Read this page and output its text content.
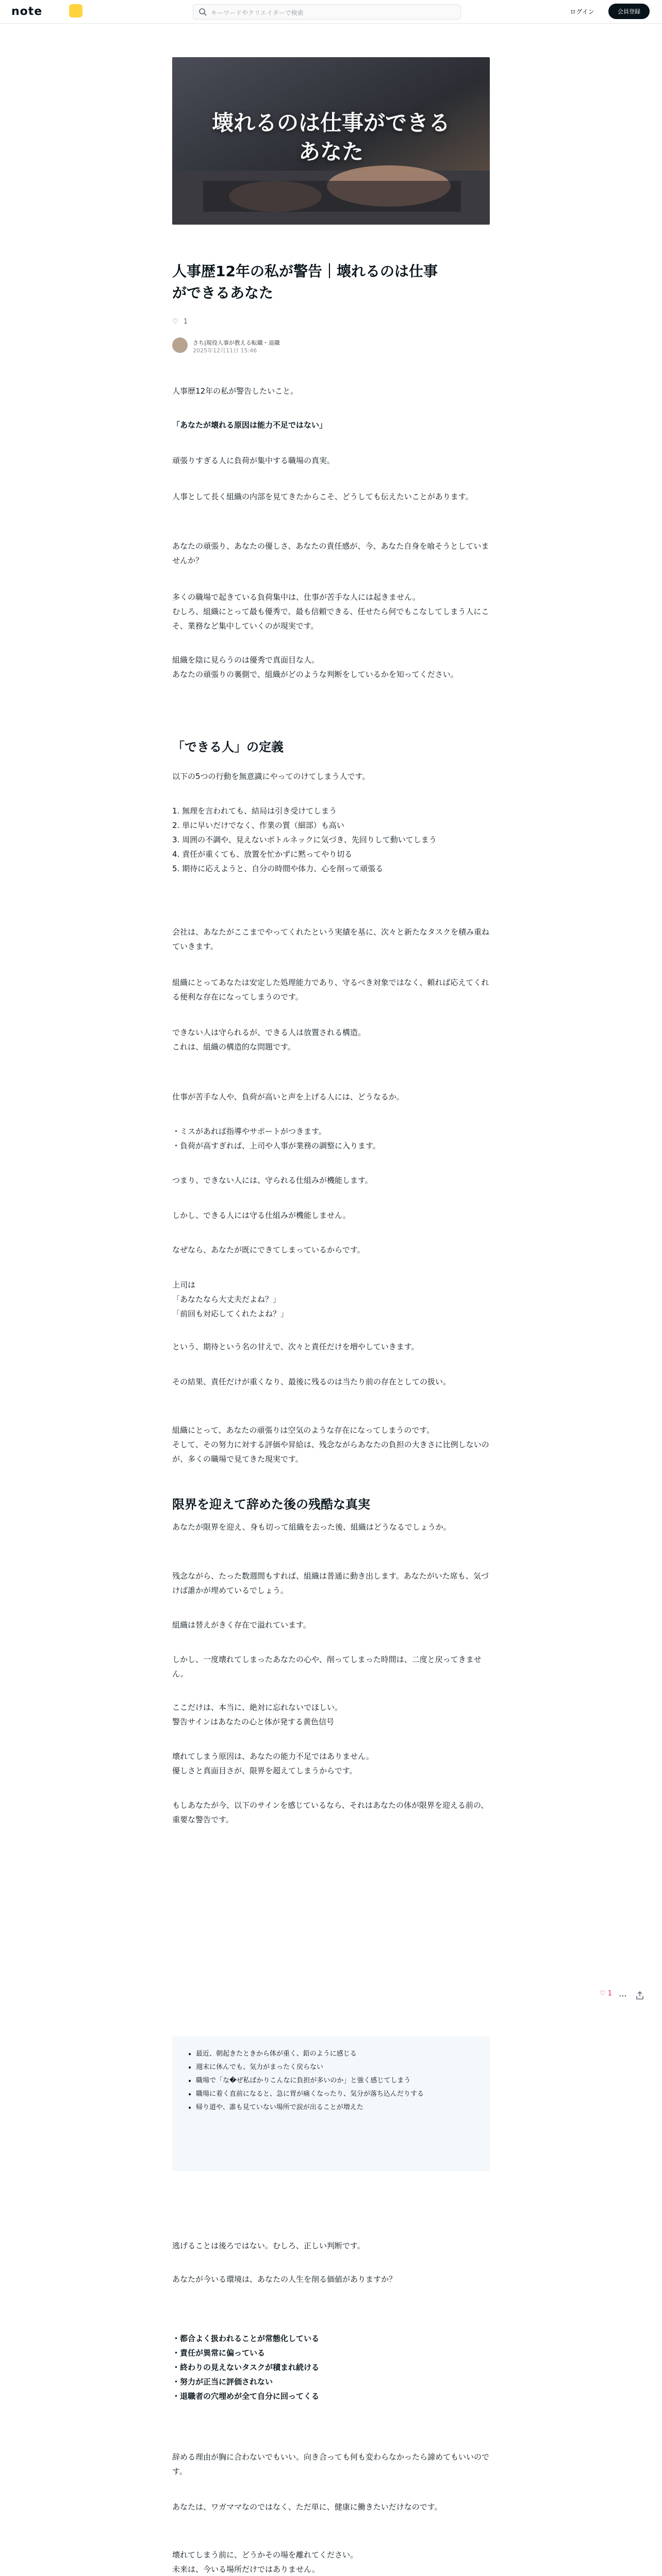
note	キーワードやクリエイターで検索	ログイン	会員登録
壊れるのは仕事ができる
あなた
人事歴12年の私が警告｜壊れるのは仕事
ができるあなた
♡ 1
さち|現役人事が教える転職・退職
2025年12月11日 15:46
人事歴12年の私が警告したいこと。
「あなたが壊れる原因は能力不足ではない」
頑張りすぎる人に負荷が集中する職場の真実。
人事として長く組織の内部を見てきたからこそ、どうしても伝えたいことがあります。
あなたの頑張り、あなたの優しさ、あなたの責任感が、今、あなた自身を喰そうとしていませんか？
多くの職場で起きている負荷集中は、仕事が苦手な人には起きません。
むしろ、組織にとって最も優秀で、最も信頼できる、任せたら何でもこなしてしまう人にこそ、業務など集中していくのが現実です。
組織を陰に見らうのは優秀で真面目な人。
あなたの頑張りの裏側で、組織がどのような判断をしているかを知ってください。
「できる人」の定義
以下の5つの行動を無意識にやってのけてしまう人です。
1. 無理を言われても、結局は引き受けてしまう
2. 単に早いだけでなく、作業の質（細部）も高い
3. 周囲の不調や、見えないボトルネックに気づき、先回りして動いてしまう
4. 責任が重くても、放置を忙かずに黙ってやり切る
5. 期待に応えようと、自分の時間や体力、心を削って頑張る
会社は、あなたがここまでやってくれたという実績を基に、次々と新たなタスクを積み重ねていきます。
組織にとってあなたは安定した処理能力であり、守るべき対象ではなく、頼れば応えてくれる便利な存在になってしまうのです。
できない人は守られるが、できる人は放置される構造。
これは、組織の構造的な問題です。
仕事が苦手な人や、負荷が高いと声を上げる人には、どうなるか。
・ミスがあれば指導やサポートがつきます。
・負荷が高すぎれば、上司や人事が業務の調整に入ります。
つまり、できない人には、守られる仕組みが機能します。
しかし、できる人には守る仕組みが機能しません。
なぜなら、あなたが既にできてしまっているからです。
上司は
「あなたなら大丈夫だよね？」
「前回も対応してくれたよね？」
という、期待という名の甘えで、次々と責任だけを増やしていきます。
その結果、責任だけが重くなり、最後に残るのは当たり前の存在としての扱い。
組織にとって、あなたの頑張りは空気のような存在になってしまうのです。
そして、その努力に対する評価や昇給は、残念ながらあなたの負担の大きさに比例しないのが、多くの職場で見てきた現実です。
限界を迎えて辞めた後の残酷な真実
あなたが限界を迎え、身も切って組織を去った後、組織はどうなるでしょうか。
残念ながら、たった数週間もすれば、組織は普通に動き出します。あなたがいた席も、気づけば誰かが埋めているでしょう。
組織は替えがきく存在で溢れています。
しかし、一度壊れてしまったあなたの心や、削ってしまった時間は、二度と戻ってきません。
ここだけは、本当に、絶対に忘れないでほしい。
警告サインはあなたの心と体が発する黄色信号
壊れてしまう原因は、あなたの能力不足ではありません。
優しさと真面目さが、限界を超えてしまうからです。
もしあなたが今、以下のサインを感じているなら、それはあなたの体が限界を迎える前の、重要な警告です。
• 最近、朝起きたときから体が重く、鉛のように感じる
• 週末に休んでも、気力がまったく戻らない
• 職場で「な�ぜ私ばかりこんなに負担が多いのか」と強く感じてしまう
• 職場に着く直前になると、急に胃が痛くなったり、気分が落ち込んだりする
• 帰り道や、誰も見ていない場所で涙が出ることが増えた
逃げることは後ろではない。むしろ、正しい判断です。
あなたが今いる環境は、あなたの人生を削る価値がありますか？
・都合よく扱われることが常態化している
・責任が異常に偏っている
・終わりの見えないタスクが積まれ続ける
・努力が正当に評価されない
・退職者の穴埋めが全て自分に回ってくる
辞める理由が胸に合わないでもいい。向き合っても何も変わらなかったら諦めてもいいのです。
あなたは、ワガママなのではなく、ただ単に、健康に働きたいだけなのです。
壊れてしまう前に、どうかその場を離れてください。
未来は、今いる場所だけではありません。

♡ 1 ⋯
